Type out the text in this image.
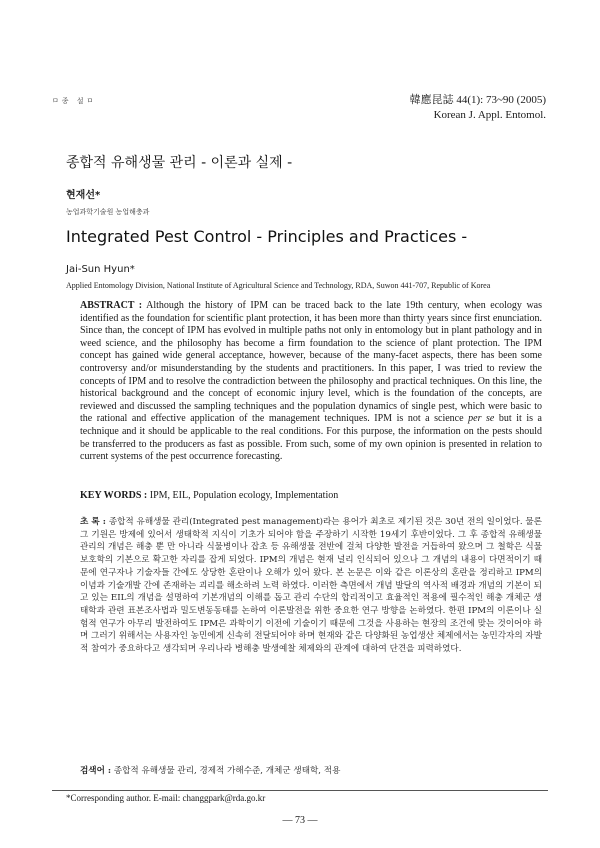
ㅁ종 설ㅁ	韓應昆誌 44(1): 73~90 (2005)
Korean J. Appl. Entomol.
종합적 유해생물 관리 - 이론과 실제 -
현재선*
농업과학기술원 농업해충과
Integrated Pest Control - Principles and Practices -
Jai-Sun Hyun*
Applied Entomology Division, National Institute of Agricultural Science and Technology, RDA, Suwon 441-707, Republic of Korea
ABSTRACT : Although the history of IPM can be traced back to the late 19th century, when ecology was identified as the foundation for scientific plant protection, it has been more than thirty years since first enunciation. Since than, the concept of IPM has evolved in multiple paths not only in entomology but in plant pathology and in weed science, and the philosophy has become a firm foundation to the science of plant protection. The IPM concept has gained wide general acceptance, however, because of the many-facet aspects, there has been some controversy and/or misunderstanding by the students and practitioners. In this paper, I was tried to review the concepts of IPM and to resolve the contradiction between the philosophy and practical techniques. On this line, the historical background and the concept of economic injury level, which is the foundation of the concepts, are reviewed and discussed the sampling techniques and the population dynamics of single pest, which were basic to the rational and effective application of the management techniques. IPM is not a science per se but it is a technique and it should be applicable to the real conditions. For this purpose, the information on the pests should be transferred to the producers as fast as possible. From such, some of my own opinion is presented in relation to current systems of the pest occurrence forecasting.
KEY WORDS : IPM, EIL, Population ecology, Implementation
초 록 : 종합적 유해생물 관리(Integrated pest management)라는 용어가 최초로 제기된 것은 30년 전의 일이었다. 물론 그 기원은 방제에 있어서 생태학적 지식이 기초가 되어야 함을 주장하기 시작한 19세기 후반이었다. 그 후 종합적 유해생물관리의 개념은 해충 뿐 만 아니라 식물병이나 잡초 등 유해생물 전반에 걸쳐 다양한 발전을 거듭하여 왔으며 그 철학은 식물보호학의 기본으로 확고한 자리를 잡게 되었다. IPM의 개념은 현재 널리 인식되어 있으나 그 개념의 내용이 다면적이기 때문에 연구자나 기술자들 간에도 상당한 혼란이나 오해가 있어 왔다. 본 논문은 이와 같은 이론상의 혼란을 정리하고 IPM의 이념과 기술개발 간에 존재하는 괴리를 해소하려 노력 하였다. 이러한 측면에서 개념 발달의 역사적 배경과 개념의 기본이 되고 있는 EIL의 개념을 설명하여 기본개념의 이해를 돕고 관리 수단의 합리적이고 효율적인 적용에 필수적인 해충 개체군 생태학과 관련 표본조사법과 밀도변동동태를 논하여 이론발전을 위한 중요한 연구 방향을 논하였다. 한편 IPM의 이론이나 실험적 연구가 아무리 발전하여도 IPM은 과학이기 이전에 기술이기 때문에 그것을 사용하는 현장의 조건에 맞는 것이어야 하며 그러기 위해서는 사용자인 농민에게 신속히 전달되어야 하며 현재와 같은 다양화된 농업생산 체제에서는 농민각자의 자발적 참여가 중요하다고 생각되며 우리나라 병해충 발생예찰 체제와의 관계에 대하여 단견을 피력하였다.
검색어 : 종합적 유해생물 관리, 경제적 가해수준, 개체군 생태학, 적용
*Corresponding author. E-mail: changgpark@rda.go.kr
— 73 —
